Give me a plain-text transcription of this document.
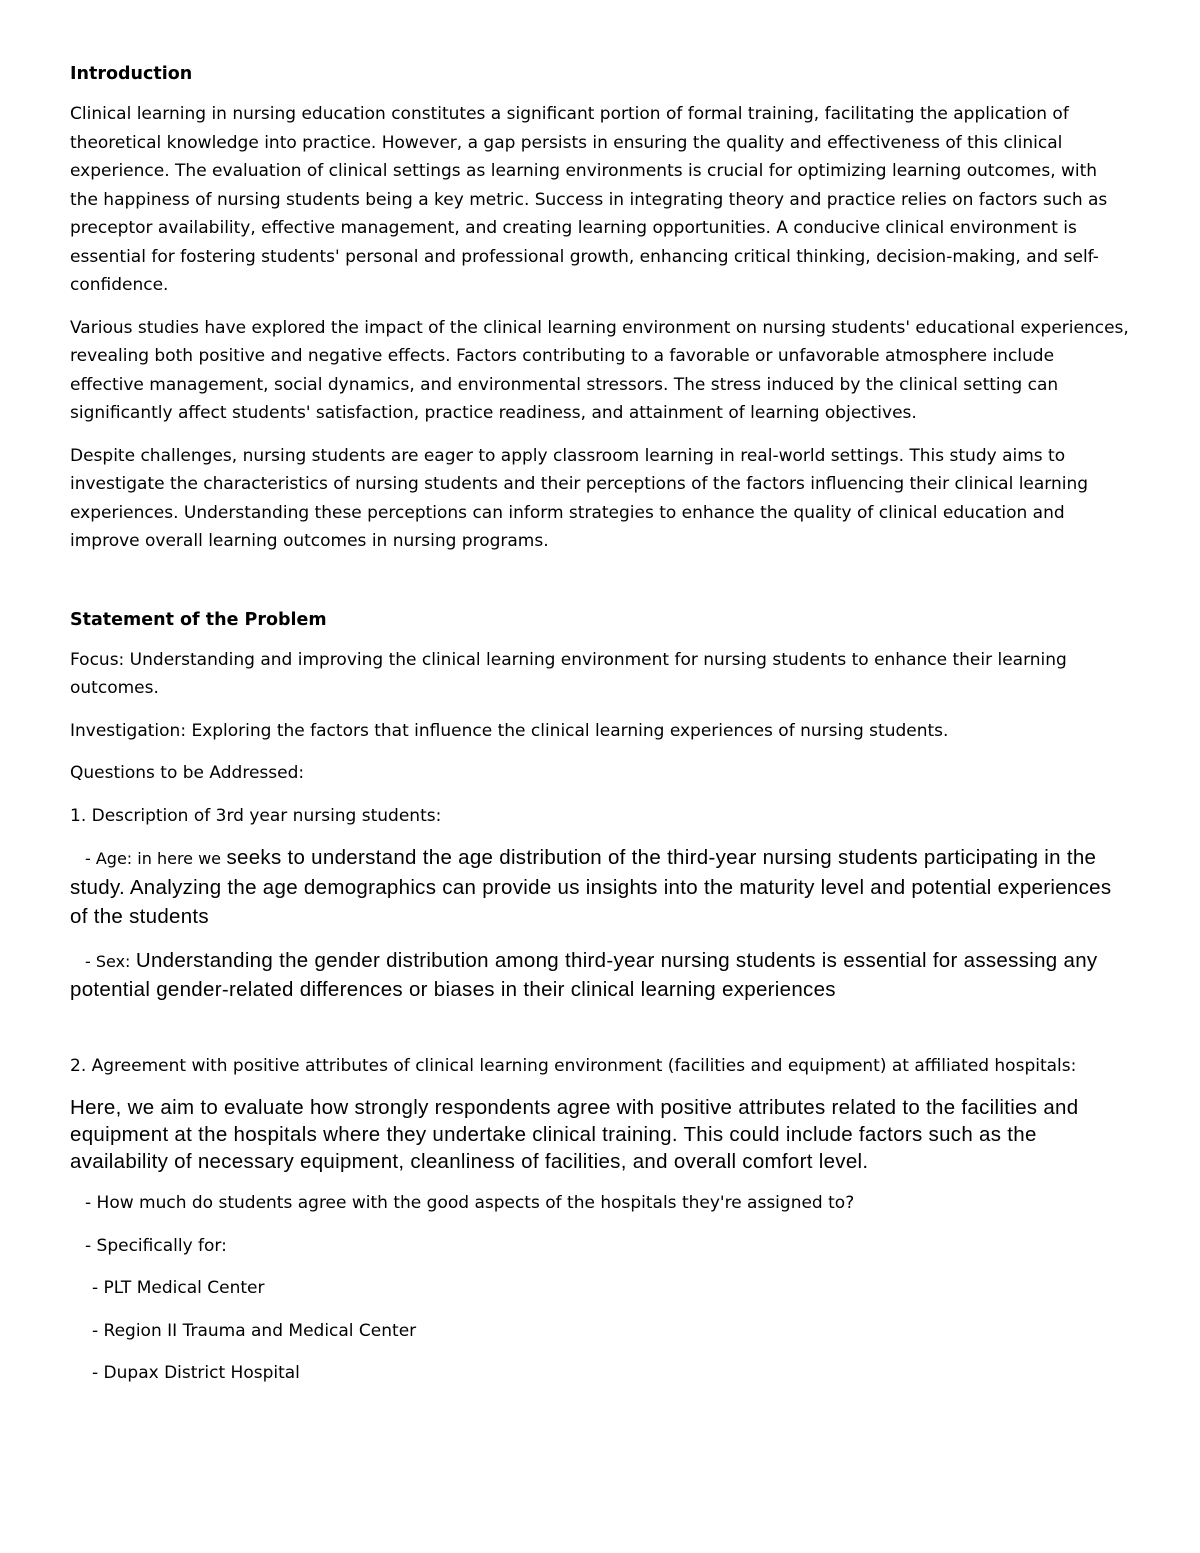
Introduction

Clinical learning in nursing education constitutes a significant portion of formal training, facilitating the application of theoretical knowledge into practice. However, a gap persists in ensuring the quality and effectiveness of this clinical experience. The evaluation of clinical settings as learning environments is crucial for optimizing learning outcomes, with the happiness of nursing students being a key metric. Success in integrating theory and practice relies on factors such as preceptor availability, effective management, and creating learning opportunities. A conducive clinical environment is essential for fostering students' personal and professional growth, enhancing critical thinking, decision-making, and self-confidence.

Various studies have explored the impact of the clinical learning environment on nursing students' educational experiences, revealing both positive and negative effects. Factors contributing to a favorable or unfavorable atmosphere include effective management, social dynamics, and environmental stressors. The stress induced by the clinical setting can significantly affect students' satisfaction, practice readiness, and attainment of learning objectives.

Despite challenges, nursing students are eager to apply classroom learning in real-world settings. This study aims to investigate the characteristics of nursing students and their perceptions of the factors influencing their clinical learning experiences. Understanding these perceptions can inform strategies to enhance the quality of clinical education and improve overall learning outcomes in nursing programs.

Statement of the Problem

Focus: Understanding and improving the clinical learning environment for nursing students to enhance their learning outcomes.

Investigation: Exploring the factors that influence the clinical learning experiences of nursing students.

Questions to be Addressed:

1. Description of 3rd year nursing students:

- Age: in here we seeks to understand the age distribution of the third-year nursing students participating in the study. Analyzing the age demographics can provide us insights into the maturity level and potential experiences of the students
- Sex: Understanding the gender distribution among third-year nursing students is essential for assessing any potential gender-related differences or biases in their clinical learning experiences

2. Agreement with positive attributes of clinical learning environment (facilities and equipment) at affiliated hospitals:

Here, we aim to evaluate how strongly respondents agree with positive attributes related to the facilities and equipment at the hospitals where they undertake clinical training. This could include factors such as the availability of necessary equipment, cleanliness of facilities, and overall comfort level.

- How much do students agree with the good aspects of the hospitals they're assigned to?

- Specifically for:

- PLT Medical Center

- Region II Trauma and Medical Center

- Dupax District Hospital
